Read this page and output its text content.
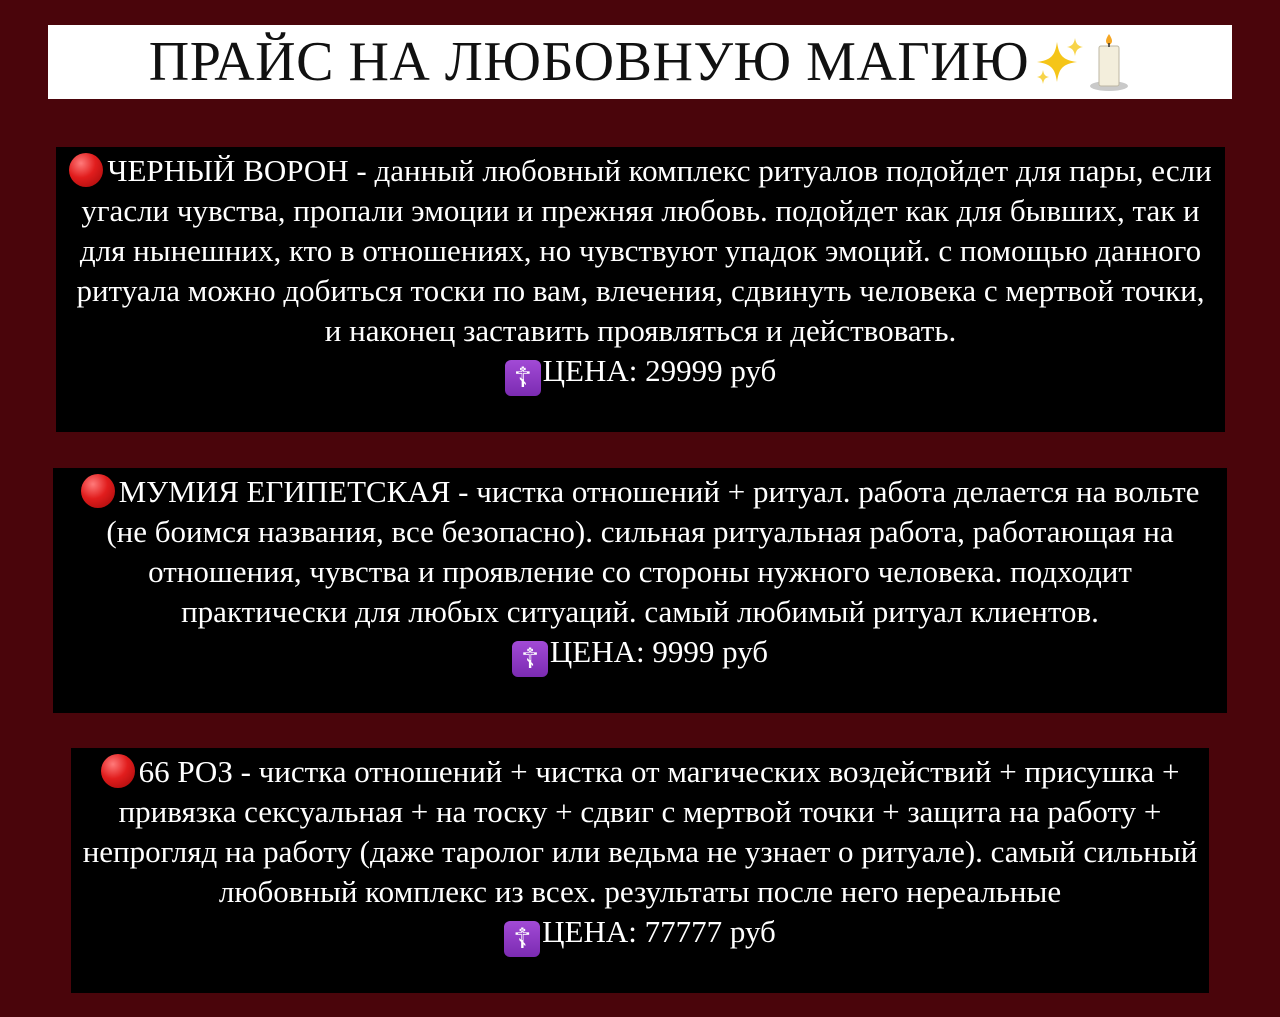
ПРАЙС НА ЛЮБОВНУЮ МАГИЮ
ЧЕРНЫЙ ВОРОН - данный любовный комплекс ритуалов подойдет для пары, если угасли чувства, пропали эмоции и прежняя любовь. подойдет как для бывших, так и для нынешних, кто в отношениях, но чувствуют упадок эмоций. с помощью данного ритуала можно добиться тоски по вам, влечения, сдвинуть человека с мертвой точки, и наконец заставить проявляться и действовать.
☦ ЦЕНА: 29999 руб
МУМИЯ ЕГИПЕТСКАЯ - чистка отношений + ритуал. работа делается на вольте (не боимся названия, все безопасно). сильная ритуальная работа, работающая на отношения, чувства и проявление со стороны нужного человека. подходит практически для любых ситуаций. самый любимый ритуал клиентов.
☦ ЦЕНА: 9999 руб
66 РОЗ - чистка отношений + чистка от магических воздействий + присушка + привязка сексуальная + на тоску + сдвиг с мертвой точки + защита на работу + непрогляд на работу (даже таролог или ведьма не узнает о ритуале). самый сильный любовный комплекс из всех. результаты после него нереальные
☦ ЦЕНА: 77777 руб
